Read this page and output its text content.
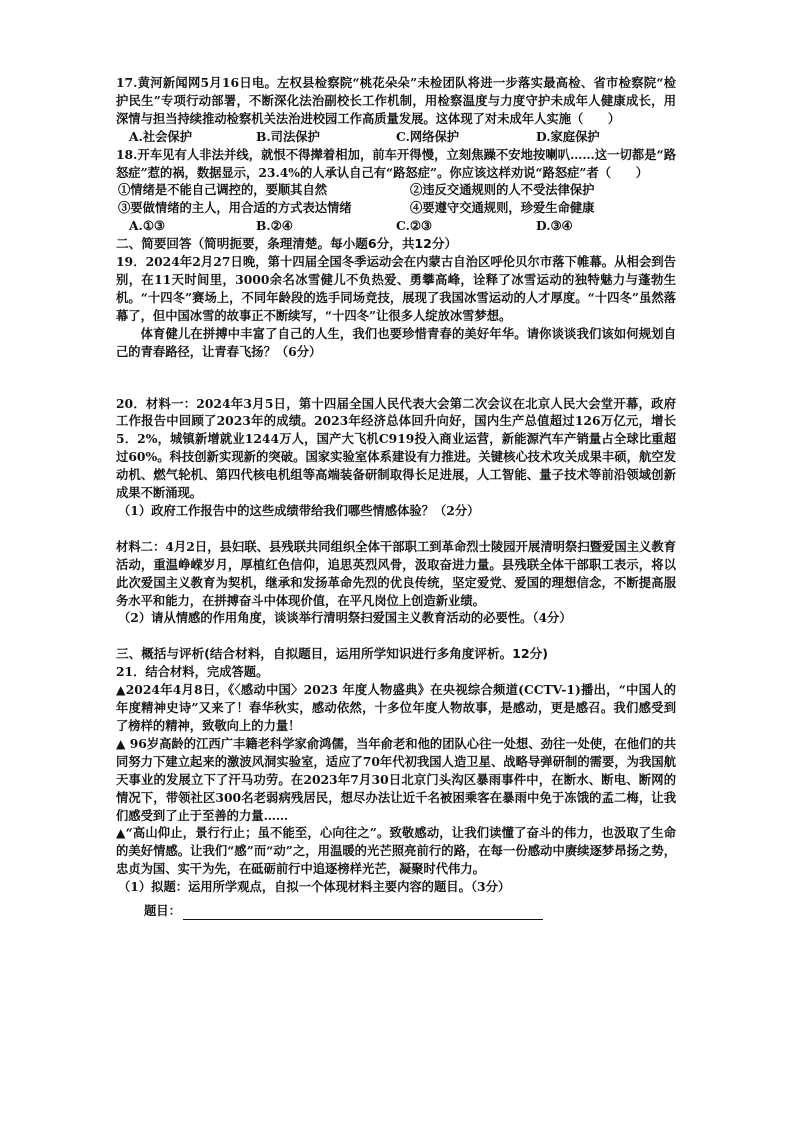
17.黄河新闻网5月16日电。左权县检察院“桃花朵朵”未检团队将进一步落实最高检、省市检察院“检护民生”专项行动部署，不断深化法治副校长工作机制，用检察温度与力度守护未成年人健康成长，用深情与担当持续推动检察机关法治进校园工作高质量发展。这体现了对未成年人实施（　　）

A.社会保护	B.司法保护	C.网络保护	D.家庭保护

18.开车见有人非法并线，就恨不得撵着相加，前车开得慢，立刻焦躁不安地按喇叭……这一切都是“路怒症”惹的祸，数据显示，23.4%的人承认自己有“路怒症”。你应该这样劝说“路怒症”者（　　）

①情绪是不能自己调控的，要顺其自然	②违反交通规则的人不受法律保护
③要做情绪的主人，用合适的方式表达情绪	④要遵守交通规则，珍爱生命健康
A.①③	B.②④	C.②③	D.③④

二、简要回答（简明扼要，条理清楚。每小题6分，共12分）

19．2024年2月27日晚，第十四届全国冬季运动会在内蒙古自治区呼伦贝尔市落下帷幕。从相会到告别，在11天时间里，3000余名冰雪健儿不负热爱、勇攀高峰，诠释了冰雪运动的独特魅力与蓬勃生机。“十四冬”赛场上，不同年龄段的选手同场竞技，展现了我国冰雪运动的人才厚度。“十四冬”虽然落幕了，但中国冰雪的故事正不断续写，“十四冬”让很多人绽放冰雪梦想。

体育健儿在拼搏中丰富了自己的人生，我们也要珍惜青春的美好年华。请你谈谈我们该如何规划自己的青春路径，让青春飞扬？（6分）

20．材料一：2024年3月5日，第十四届全国人民代表大会第二次会议在北京人民大会堂开幕，政府工作报告中回顾了2023年的成绩。2023年经济总体回升向好，国内生产总值超过126万亿元，增长5．2%，城镇新增就业1244万人，国产大飞机C919投入商业运营，新能源汽车产销量占全球比重超过60%。科技创新实现新的突破。国家实验室体系建设有力推进。关键核心技术攻关成果丰硕，航空发动机、燃气轮机、第四代核电机组等高端装备研制取得长足进展，人工智能、量子技术等前沿领域创新成果不断涌现。

（1）政府工作报告中的这些成绩带给我们哪些情感体验？（2分）

材料二：4月2日，县妇联、县残联共同组织全体干部职工到革命烈士陵园开展清明祭扫暨爱国主义教育活动，重温峥嵘岁月，厚植红色信仰，追思英烈风骨，汲取奋进力量。县残联全体干部职工表示，将以此次爱国主义教育为契机，继承和发扬革命先烈的优良传统，坚定爱党、爱国的理想信念，不断提高服务水平和能力，在拼搏奋斗中体现价值，在平凡岗位上创造新业绩。

（2）请从情感的作用角度，谈谈举行清明祭扫爱国主义教育活动的必要性。（4分）

三、概括与评析(结合材料，自拟题目，运用所学知识进行多角度评析。12分)

21．结合材料，完成答题。

▲2024年4月8日，《〈感动中国〉2023 年度人物盛典》在央视综合频道(CCTV-1)播出，“中国人的年度精神史诗”又来了！春华秋实，感动依然，十多位年度人物故事，是感动，更是感召。我们感受到了榜样的精神，致敬向上的力量！

▲ 96岁高龄的江西广丰籍老科学家俞鸿儒，当年俞老和他的团队心往一处想、劲往一处使，在他们的共同努力下建立起来的激波风洞实验室，适应了70年代初我国人造卫星、战略导弹研制的需要，为我国航天事业的发展立下了汗马功劳。在2023年7月30日北京门头沟区暴雨事件中，在断水、断电、断网的情况下，带领社区300名老弱病残居民，想尽办法让近千名被困乘客在暴雨中免于冻饿的孟二梅，让我们感受到了止于至善的力量……

▲“高山仰止，景行行止；虽不能至，心向往之”。致敬感动，让我们读懂了奋斗的伟力，也汲取了生命的美好情感。让我们“感”而“动”之，用温暖的光芒照亮前行的路，在每一份感动中赓续逐梦昂扬之势，忠贞为国、实干为先，在砥砺前行中追逐榜样光芒，凝聚时代伟力。

（1）拟题：运用所学观点，自拟一个体现材料主要内容的题目。（3分）

题目：
